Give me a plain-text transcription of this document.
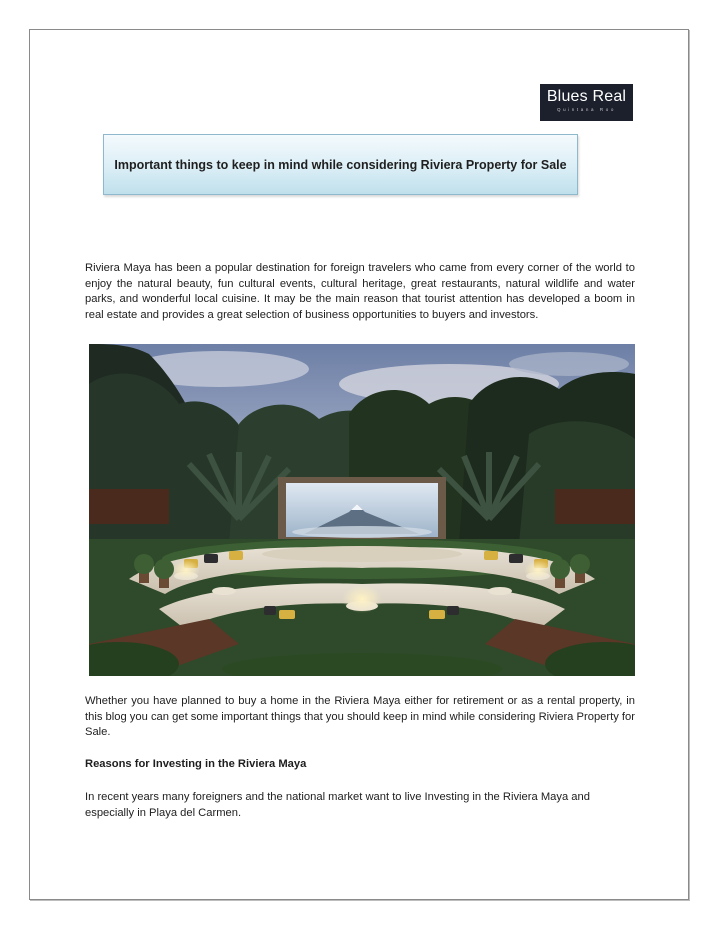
Blues Real
Quintana Roo
Important things to keep in mind while considering Riviera Property for Sale

Riviera Maya has been a popular destination for foreign travelers who came from every corner of the world to enjoy the natural beauty, fun cultural events, cultural heritage, great restaurants, natural wildlife and water parks, and wonderful local cuisine. It may be the main reason that tourist attention has developed a boom in real estate and provides a great selection of business opportunities to buyers and investors.

Whether you have planned to buy a home in the Riviera Maya either for retirement or as a rental property, in this blog you can get some important things that you should keep in mind while considering Riviera Property for Sale.

Reasons for Investing in the Riviera Maya

In recent years many foreigners and the national market want to live Investing in the Riviera Maya and especially in Playa del Carmen.
